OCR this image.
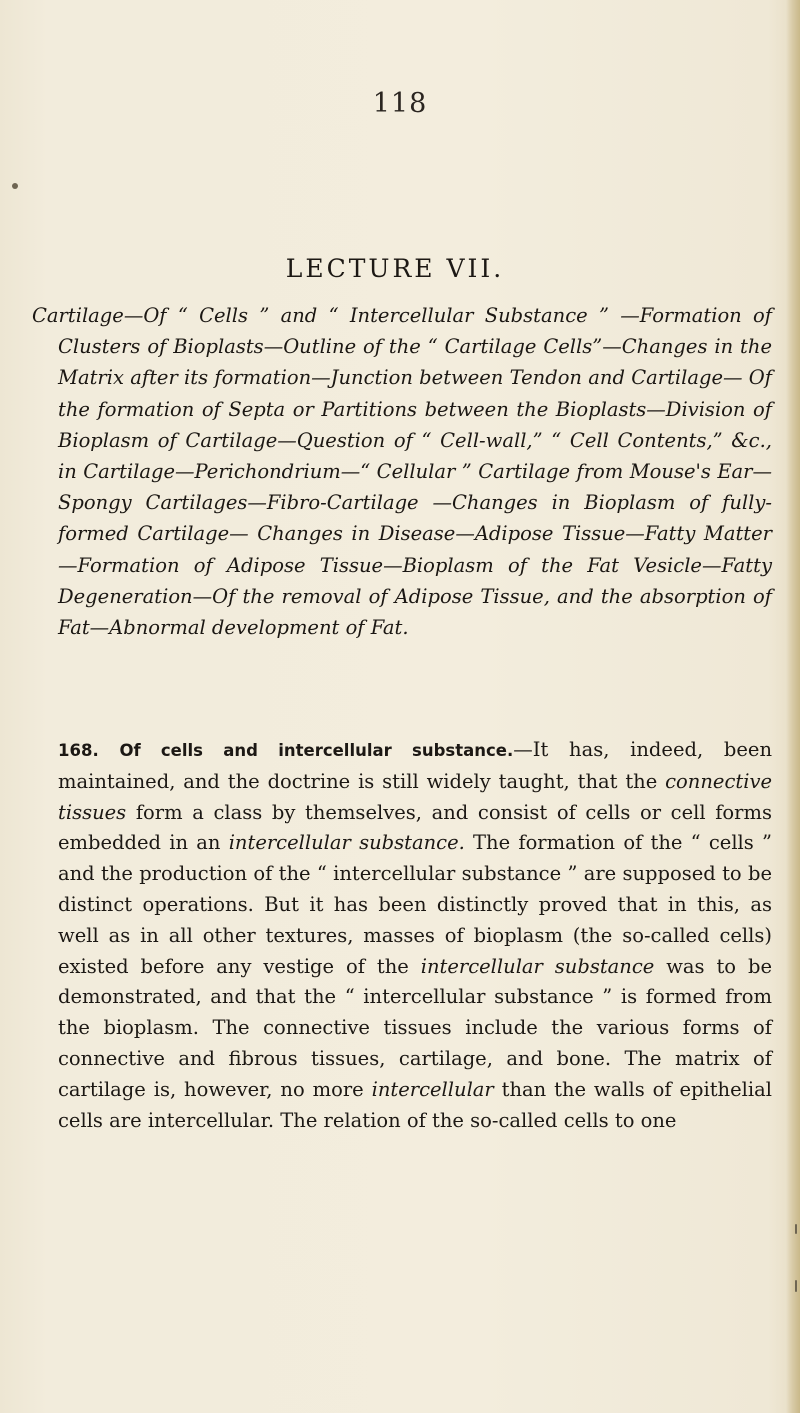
118
LECTURE VII.

Cartilage—Of “ Cells ” and “ Intercellular Substance ” —Formation of Clusters of Bioplasts—Outline of the “ Cartilage Cells”—Changes in the Matrix after its formation—Junction between Tendon and Cartilage— Of the formation of Septa or Partitions between the Bioplasts—Division of Bioplasm of Cartilage—Question of “ Cell-wall,” “ Cell Contents,” &c., in Cartilage—Perichondrium—“ Cellular ” Cartilage from Mouse's Ear—Spongy Cartilages—Fibro-Cartilage —Changes in Bioplasm of fully-formed Cartilage— Changes in Disease—Adipose Tissue—Fatty Matter —Formation of Adipose Tissue—Bioplasm of the Fat Vesicle—Fatty Degeneration—Of the removal of Adipose Tissue, and the absorption of Fat—Abnormal development of Fat.

168. Of cells and intercellular substance.—It has, indeed, been maintained, and the doctrine is still widely taught, that the connective tissues form a class by themselves, and consist of cells or cell forms embedded in an intercellular substance. The formation of the “ cells ” and the production of the “ intercellular substance ” are supposed to be distinct operations. But it has been distinctly proved that in this, as well as in all other textures, masses of bioplasm (the so-called cells) existed before any vestige of the intercellular substance was to be demonstrated, and that the “ intercellular substance ” is formed from the bioplasm. The connective tissues include the various forms of connective and fibrous tissues, cartilage, and bone. The matrix of cartilage is, however, no more intercellular than the walls of epithelial cells are intercellular. The relation of the so-called cells to one
